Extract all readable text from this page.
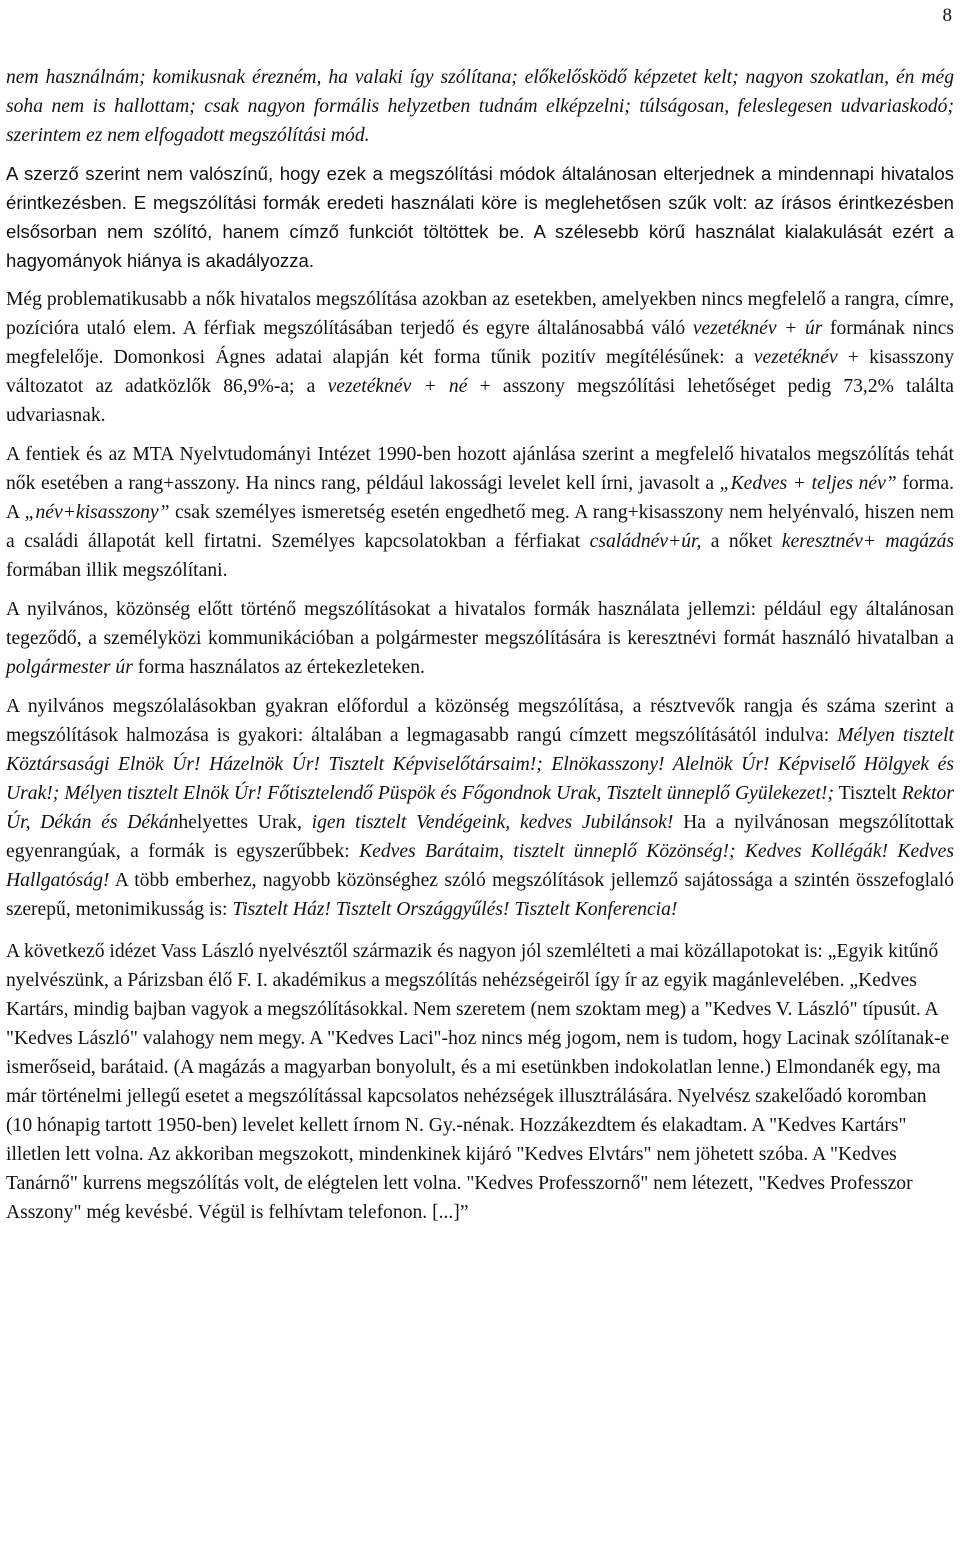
8

nem használnám; komikusnak érezném, ha valaki így szólítana; előkelősködő képzetet kelt; nagyon szokatlan, én még soha nem is hallottam; csak nagyon formális helyzetben tudnám elképzelni; túlságosan, feleslegesen udvariaskodó; szerintem ez nem elfogadott megszólítási mód.

A szerző szerint nem valószínű, hogy ezek a megszólítási módok általánosan elterjednek a mindennapi hivatalos érintkezésben. E megszólítási formák eredeti használati köre is meglehetősen szűk volt: az írásos érintkezésben elsősorban nem szólító, hanem címző funkciót töltöttek be. A szélesebb körű használat kialakulását ezért a hagyományok hiánya is akadályozza.

Még problematikusabb a nők hivatalos megszólítása azokban az esetekben, amelyekben nincs megfelelő a rangra, címre, pozícióra utaló elem. A férfiak megszólításában terjedő és egyre általánosabbá váló vezetéknév + úr formának nincs megfelelője. Domonkosi Ágnes adatai alapján két forma tűnik pozitív megítélésűnek: a vezetéknév + kisasszony változatot az adatközlők 86,9%-a; a vezetéknév + né + asszony megszólítási lehetőséget pedig 73,2% találta udvariasnak.

A fentiek és az MTA Nyelvtudományi Intézet 1990-ben hozott ajánlása szerint a megfelelő hivatalos megszólítás tehát nők esetében a rang+asszony. Ha nincs rang, például lakossági levelet kell írni, javasolt a „Kedves + teljes név” forma. A „név+kisasszony” csak személyes ismeretség esetén engedhető meg. A rang+kisasszony nem helyénvaló, hiszen nem a családi állapotát kell firtatni. Személyes kapcsolatokban a férfiakat családnév+úr, a nőket keresztnév+ magázás formában illik megszólítani.

A nyilvános, közönség előtt történő megszólításokat a hivatalos formák használata jellemzi: például egy általánosan tegeződő, a személyközi kommunikációban a polgármester megszólítására is keresztnévi formát használó hivatalban a polgármester úr forma használatos az értekezleteken.

A nyilvános megszólalásokban gyakran előfordul a közönség megszólítása, a résztvevők rangja és száma szerint a megszólítások halmozása is gyakori: általában a legmagasabb rangú címzett megszólításától indulva: Mélyen tisztelt Köztársasági Elnök Úr! Házelnök Úr! Tisztelt Képviselőtársaim!; Elnökasszony! Alelnök Úr! Képviselő Hölgyek és Urak!; Mélyen tisztelt Elnök Úr! Főtisztelendő Püspök és Főgondnok Urak, Tisztelt ünneplő Gyülekezet!; Tisztelt Rektor Úr, Dékán és Dékánhelyettes Urak, igen tisztelt Vendégeink, kedves Jubilánsok! Ha a nyilvánosan megszólítottak egyenrangúak, a formák is egyszerűbbek: Kedves Barátaim, tisztelt ünneplő Közönség!; Kedves Kollégák! Kedves Hallgatóság! A több emberhez, nagyobb közönséghez szóló megszólítások jellemző sajátossága a szintén összefoglaló szerepű, metonimikusság is: Tisztelt Ház! Tisztelt Országgyűlés! Tisztelt Konferencia!

A következő idézet Vass László nyelvésztől származik és nagyon jól szemlélteti a mai közállapotokat is: „Egyik kitűnő nyelvészünk, a Párizsban élő F. I. akadémikus a megszólítás nehézségeiről így ír az egyik magánlevelében. „Kedves Kartárs, mindig bajban vagyok a megszólításokkal. Nem szeretem (nem szoktam meg) a "Kedves V. László" típusút. A "Kedves László" valahogy nem megy. A "Kedves Laci"-hoz nincs még jogom, nem is tudom, hogy Lacinak szólítanak-e ismerőseid, barátaid. (A magázás a magyarban bonyolult, és a mi esetünkben indokolatlan lenne.) Elmondanék egy, ma már történelmi jellegű esetet a megszólítással kapcsolatos nehézségek illusztrálására. Nyelvész szakelőadó koromban (10 hónapig tartott 1950-ben) levelet kellett írnom N. Gy.-nénak. Hozzákezdtem és elakadtam. A "Kedves Kartárs" illetlen lett volna. Az akkoriban megszokott, mindenkinek kijáró "Kedves Elvtárs" nem jöhetett szóba. A "Kedves Tanárnő" kurrens megszólítás volt, de elégtelen lett volna. "Kedves Professzornő" nem létezett, "Kedves Professzor Asszony" még kevésbé. Végül is felhívtam telefonon. [...]”
